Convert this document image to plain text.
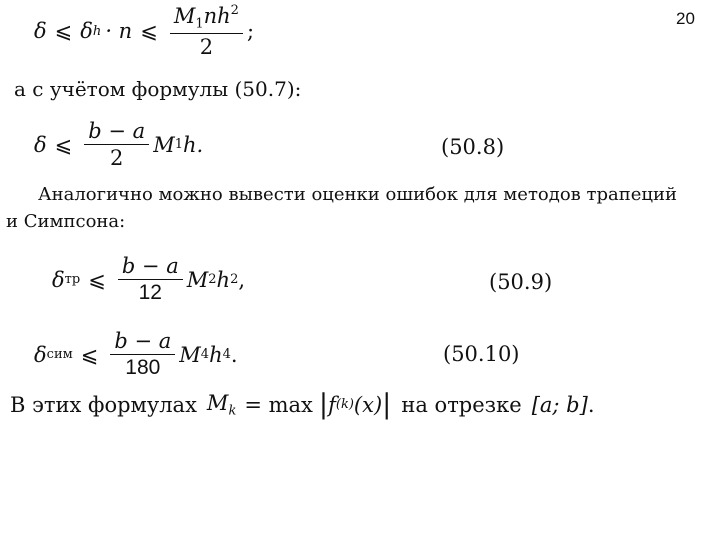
20
δ ⩽ δ h · n ⩽ $\frac{M_1nh^2}{2}$ ;
а с учётом формулы (50.7):
δ ⩽ $\frac{b - a}{2}$ M 1 h.	(50.8)
Аналогично можно вывести оценки ошибок для методов трапеций
и Симпсона:
δ тр ⩽ $\frac{b - a}{12}$ M 2 h 2 ,	(50.9)
δ сим ⩽ $\frac{b - a}{180}$ M 4 h 4 .	(50.10)
В этих формулах $M_k = \max$ | f (k) (x) | на отрезке [a; b] .
